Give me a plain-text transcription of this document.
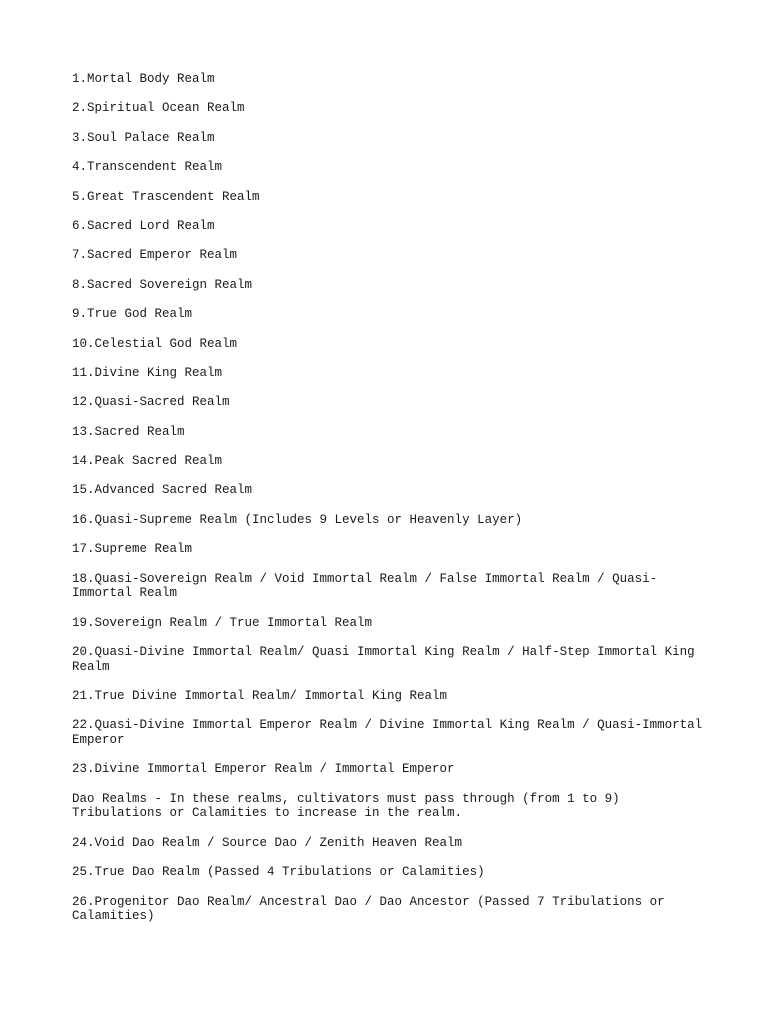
1.Mortal Body Realm

2.Spiritual Ocean Realm

3.Soul Palace Realm

4.Transcendent Realm

5.Great Trascendent Realm

6.Sacred Lord Realm

7.Sacred Emperor Realm

8.Sacred Sovereign Realm

9.True God Realm

10.Celestial God Realm

11.Divine King Realm

12.Quasi-Sacred Realm

13.Sacred Realm

14.Peak Sacred Realm

15.Advanced Sacred Realm

16.Quasi-Supreme Realm (Includes 9 Levels or Heavenly Layer)

17.Supreme Realm

18.Quasi-Sovereign Realm / Void Immortal Realm / False Immortal Realm / Quasi-Immortal Realm

19.Sovereign Realm / True Immortal Realm

20.Quasi-Divine Immortal Realm/ Quasi Immortal King Realm / Half-Step Immortal King Realm

21.True Divine Immortal Realm/ Immortal King Realm

22.Quasi-Divine Immortal Emperor Realm / Divine Immortal King Realm / Quasi-Immortal Emperor

23.Divine Immortal Emperor Realm / Immortal Emperor

Dao Realms - In these realms, cultivators must pass through (from 1 to 9) Tribulations or Calamities to increase in the realm.

24.Void Dao Realm / Source Dao / Zenith Heaven Realm

25.True Dao Realm (Passed 4 Tribulations or Calamities)

26.Progenitor Dao Realm/ Ancestral Dao / Dao Ancestor (Passed 7 Tribulations or Calamities)
